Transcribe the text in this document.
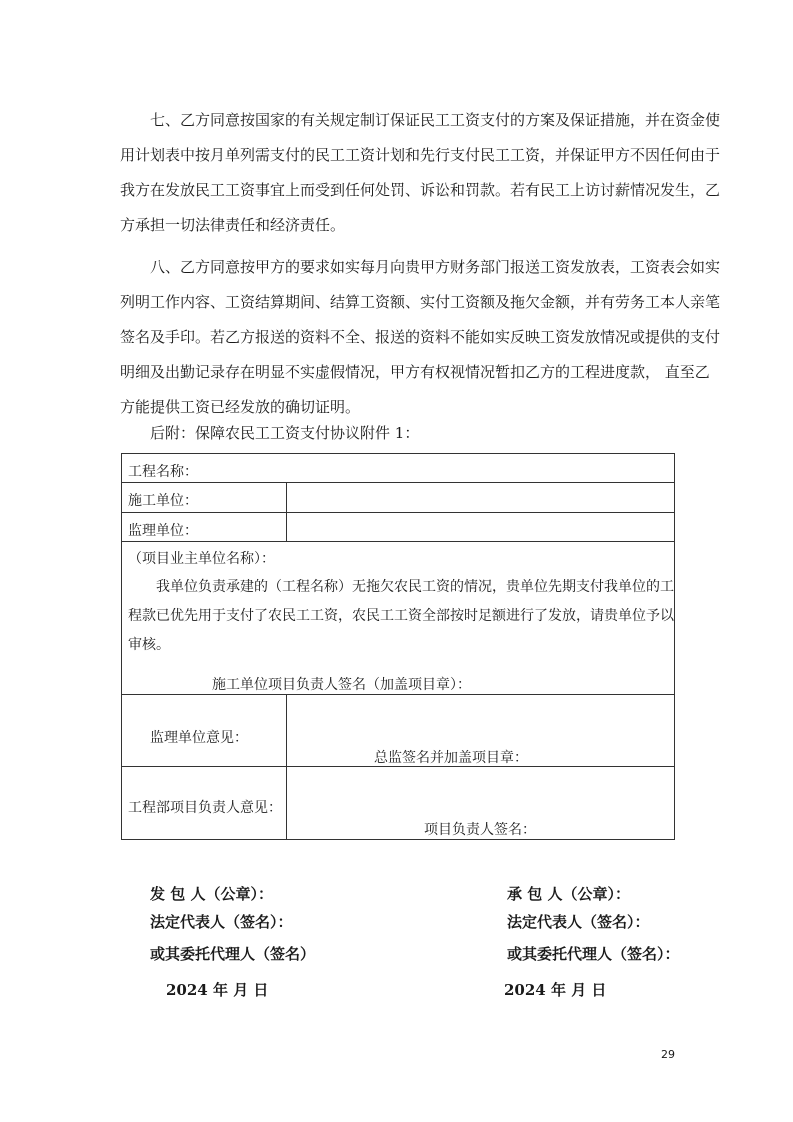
七、乙方同意按国家的有关规定制订保证民工工资支付的方案及保证措施，并在资金使
用计划表中按月单列需支付的民工工资计划和先行支付民工工资，并保证甲方不因任何由于
我方在发放民工工资事宜上而受到任何处罚、诉讼和罚款。若有民工上访讨薪情况发生，乙
方承担一切法律责任和经济责任。
八、乙方同意按甲方的要求如实每月向贵甲方财务部门报送工资发放表，工资表会如实
列明工作内容、工资结算期间、结算工资额、实付工资额及拖欠金额，并有劳务工本人亲笔
签名及手印。若乙方报送的资料不全、报送的资料不能如实反映工资发放情况或提供的支付
明细及出勤记录存在明显不实虚假情况，甲方有权视情况暂扣乙方的工程进度款， 直至乙
方能提供工资已经发放的确切证明。
后附：保障农民工工资支付协议附件 1：
工程名称：
施工单位：
监理单位：
（项目业主单位名称）：
我单位负责承建的（工程名称）无拖欠农民工资的情况，贵单位先期支付我单位的工
程款已优先用于支付了农民工工资，农民工工资全部按时足额进行了发放，请贵单位予以
审核。
施工单位项目负责人签名（加盖项目章）：
监理单位意见：
总监签名并加盖项目章：
工程部项目负责人意见：
项目负责人签名：
发 包 人（公章）：
法定代表人（签名）：
或其委托代理人（签名）
2024 年 月 日
承 包 人（公章）：
法定代表人（签名）：
或其委托代理人（签名）：
2024 年 月 日
29
